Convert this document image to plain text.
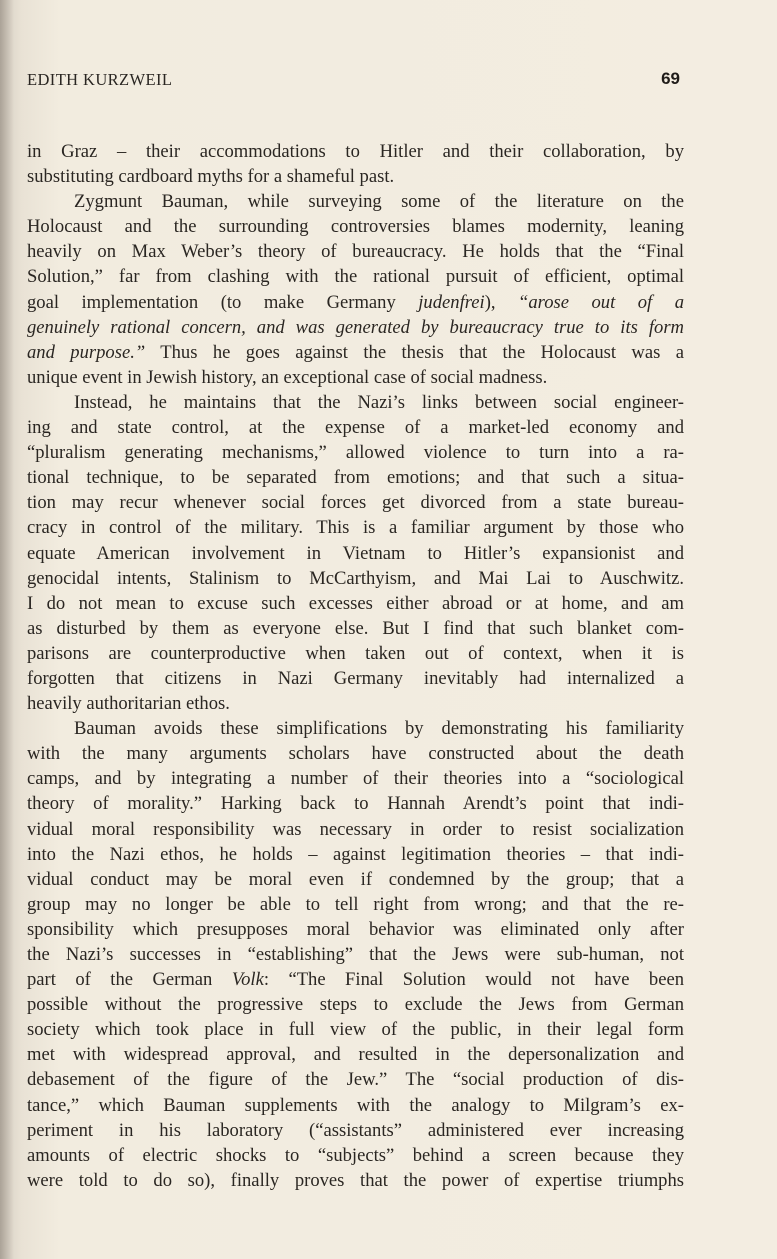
EDITH KURZWEIL	69
in Graz – their accommodations to Hitler and their collaboration, by
substituting cardboard myths for a shameful past.
Zygmunt Bauman, while surveying some of the literature on the
Holocaust and the surrounding controversies blames modernity, leaning
heavily on Max Weber’s theory of bureaucracy. He holds that the “Final
Solution,” far from clashing with the rational pursuit of efficient, optimal
goal implementation (to make Germany judenfrei), “arose out of a
genuinely rational concern, and was generated by bureaucracy true to its form
and purpose.” Thus he goes against the thesis that the Holocaust was a
unique event in Jewish history, an exceptional case of social madness.
Instead, he maintains that the Nazi’s links between social engineer-
ing and state control, at the expense of a market-led economy and
“pluralism generating mechanisms,” allowed violence to turn into a ra-
tional technique, to be separated from emotions; and that such a situa-
tion may recur whenever social forces get divorced from a state bureau-
cracy in control of the military. This is a familiar argument by those who
equate American involvement in Vietnam to Hitler’s expansionist and
genocidal intents, Stalinism to McCarthyism, and Mai Lai to Auschwitz.
I do not mean to excuse such excesses either abroad or at home, and am
as disturbed by them as everyone else. But I find that such blanket com-
parisons are counterproductive when taken out of context, when it is
forgotten that citizens in Nazi Germany inevitably had internalized a
heavily authoritarian ethos.
Bauman avoids these simplifications by demonstrating his familiarity
with the many arguments scholars have constructed about the death
camps, and by integrating a number of their theories into a “sociological
theory of morality.” Harking back to Hannah Arendt’s point that indi-
vidual moral responsibility was necessary in order to resist socialization
into the Nazi ethos, he holds – against legitimation theories – that indi-
vidual conduct may be moral even if condemned by the group; that a
group may no longer be able to tell right from wrong; and that the re-
sponsibility which presupposes moral behavior was eliminated only after
the Nazi’s successes in “establishing” that the Jews were sub-human, not
part of the German Volk: “The Final Solution would not have been
possible without the progressive steps to exclude the Jews from German
society which took place in full view of the public, in their legal form
met with widespread approval, and resulted in the depersonalization and
debasement of the figure of the Jew.” The “social production of dis-
tance,” which Bauman supplements with the analogy to Milgram’s ex-
periment in his laboratory (“assistants” administered ever increasing
amounts of electric shocks to “subjects” behind a screen because they
were told to do so), finally proves that the power of expertise triumphs
